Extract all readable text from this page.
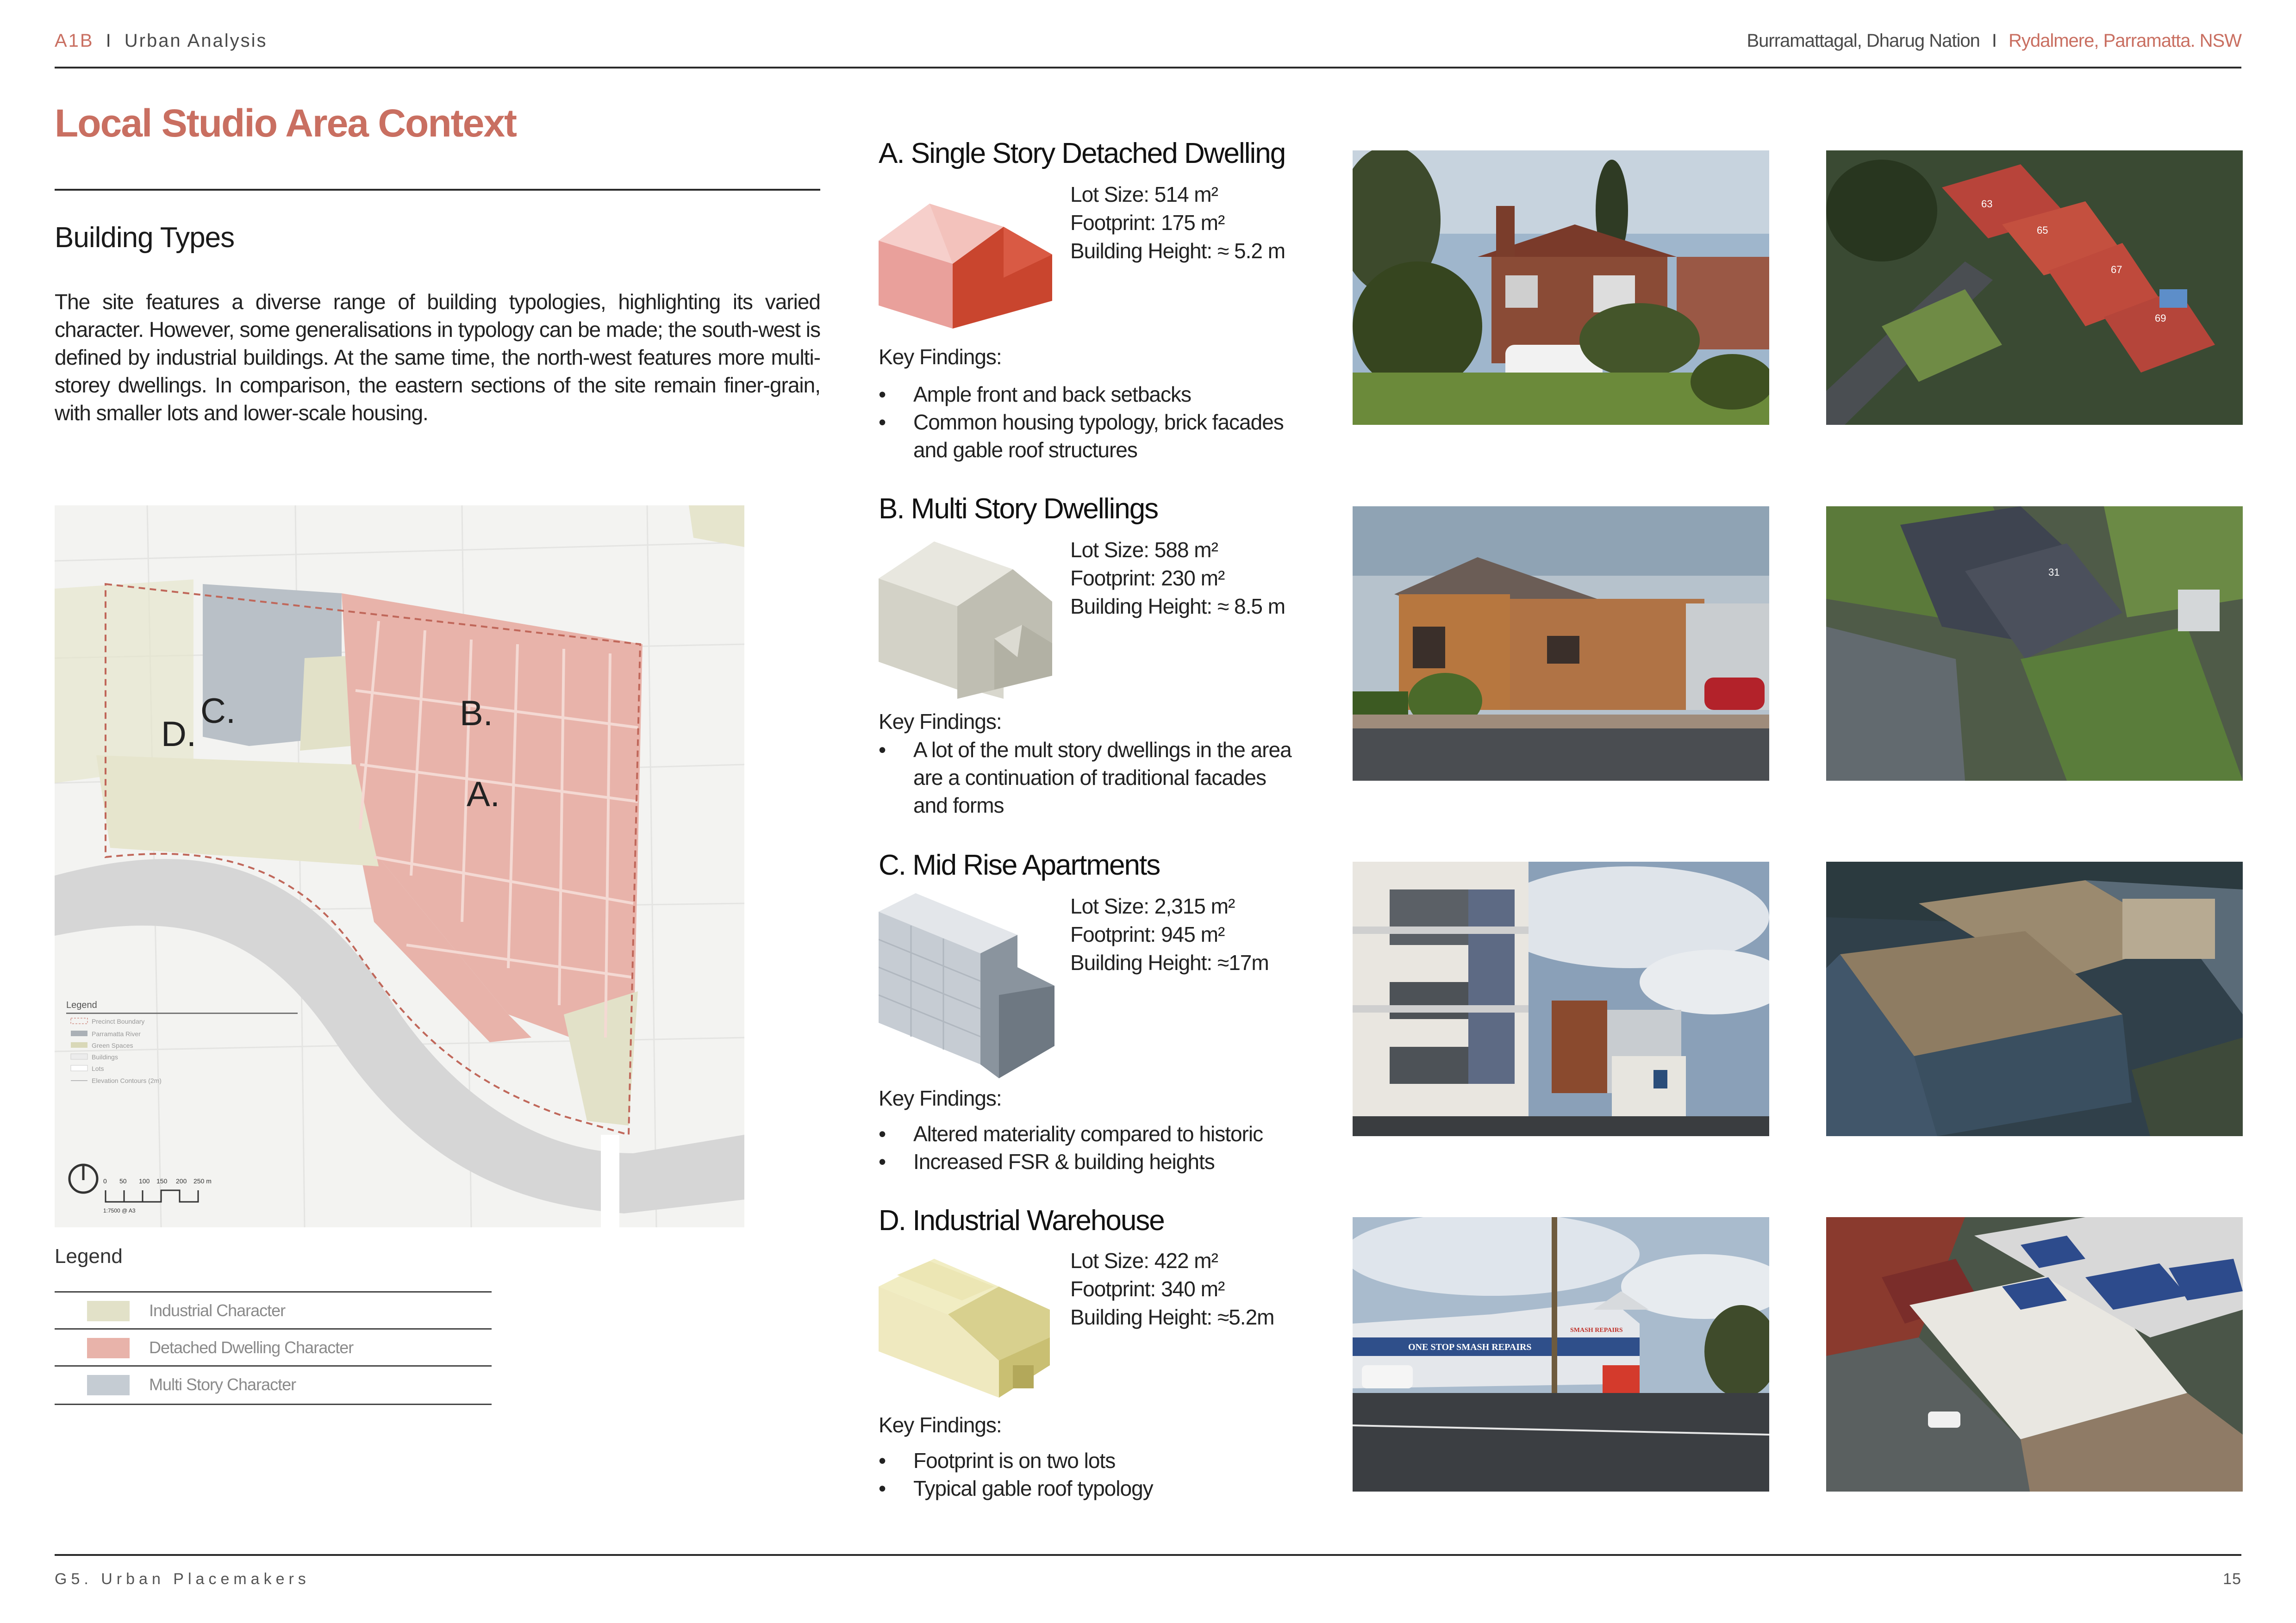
A1B I Urban Analysis	Burramattagal, Dharug Nation I Rydalmere, Parramatta. NSW
Local Studio Area Context
Building Types
The site features a diverse range of building typologies, highlighting its varied character. However, some generalisations in typology can be made; the south-west is defined by industrial buildings. At the same time, the north-west features more multi-storey dwellings. In comparison, the eastern sections of the site remain finer-grain, with smaller lots and lower-scale housing.
C.
D.
B.
A.
Legend
Precinct Boundary
Parramatta River
Green Spaces
Buildings
Lots
Elevation Contours (2m)
0 50 100 150 200 250 m
1:7500 @ A3
Legend
Industrial Character
Detached Dwelling Character
Multi Story Character
A. Single Story Detached Dwelling
Lot Size: 514 m²
Footprint: 175 m²
Building Height: ≈ 5.2 m
Key Findings:
• Ample front and back setbacks
• Common housing typology, brick facades
and gable roof structures
63
65
67
69
B. Multi Story Dwellings
Lot Size: 588 m²
Footprint: 230 m²
Building Height: ≈ 8.5 m
Key Findings:
• A lot of the mult story dwellings in the area
are a continuation of traditional facades
and forms
31
C. Mid Rise Apartments
Lot Size: 2,315 m²
Footprint: 945 m²
Building Height: ≈17m
Key Findings:
• Altered materiality compared to historic
• Increased FSR & building heights
D. Industrial Warehouse
Lot Size: 422 m²
Footprint: 340 m²
Building Height: ≈5.2m
Key Findings:
• Footprint is on two lots
• Typical gable roof typology
ONE STOP SMASH REPAIRS
SMASH REPAIRS
G5. Urban Placemakers	15
